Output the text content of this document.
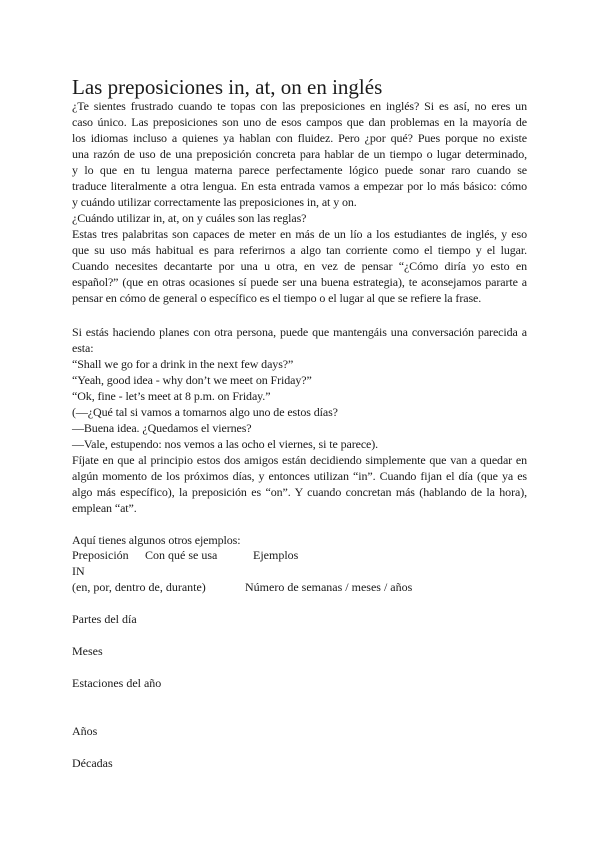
Las preposiciones in, at, on en inglés
¿Te sientes frustrado cuando te topas con las preposiciones en inglés? Si es así, no eres un
caso único. Las preposiciones son uno de esos campos que dan problemas en la mayoría de
los idiomas incluso a quienes ya hablan con fluidez. Pero ¿por qué? Pues porque no existe
una razón de uso de una preposición concreta para hablar de un tiempo o lugar determinado,
y lo que en tu lengua materna parece perfectamente lógico puede sonar raro cuando se
traduce literalmente a otra lengua. En esta entrada vamos a empezar por lo más básico: cómo
y cuándo utilizar correctamente las preposiciones in, at y on.
¿Cuándo utilizar in, at, on y cuáles son las reglas?
Estas tres palabritas son capaces de meter en más de un lío a los estudiantes de inglés, y eso
que su uso más habitual es para referirnos a algo tan corriente como el tiempo y el lugar.
Cuando necesites decantarte por una u otra, en vez de pensar “¿Cómo diría yo esto en
español?” (que en otras ocasiones sí puede ser una buena estrategia), te aconsejamos pararte a
pensar en cómo de general o específico es el tiempo o el lugar al que se refiere la frase.
Si estás haciendo planes con otra persona, puede que mantengáis una conversación parecida a
esta:
“Shall we go for a drink in the next few days?”
“Yeah, good idea - why don’t we meet on Friday?”
“Ok, fine - let’s meet at 8 p.m. on Friday.”
(—¿Qué tal si vamos a tomarnos algo uno de estos días?
—Buena idea. ¿Quedamos el viernes?
—Vale, estupendo: nos vemos a las ocho el viernes, si te parece).
Fíjate en que al principio estos dos amigos están decidiendo simplemente que van a quedar en
algún momento de los próximos días, y entonces utilizan “in”. Cuando fijan el día (que ya es
algo más específico), la preposición es “on”. Y cuando concretan más (hablando de la hora),
emplean “at”.
Aquí tienes algunos otros ejemplos:
Preposición Con qué se usa	Ejemplos
IN
(en, por, dentro de, durante)	Número de semanas / meses / años
Partes del día
Meses
Estaciones del año
Años
Décadas
